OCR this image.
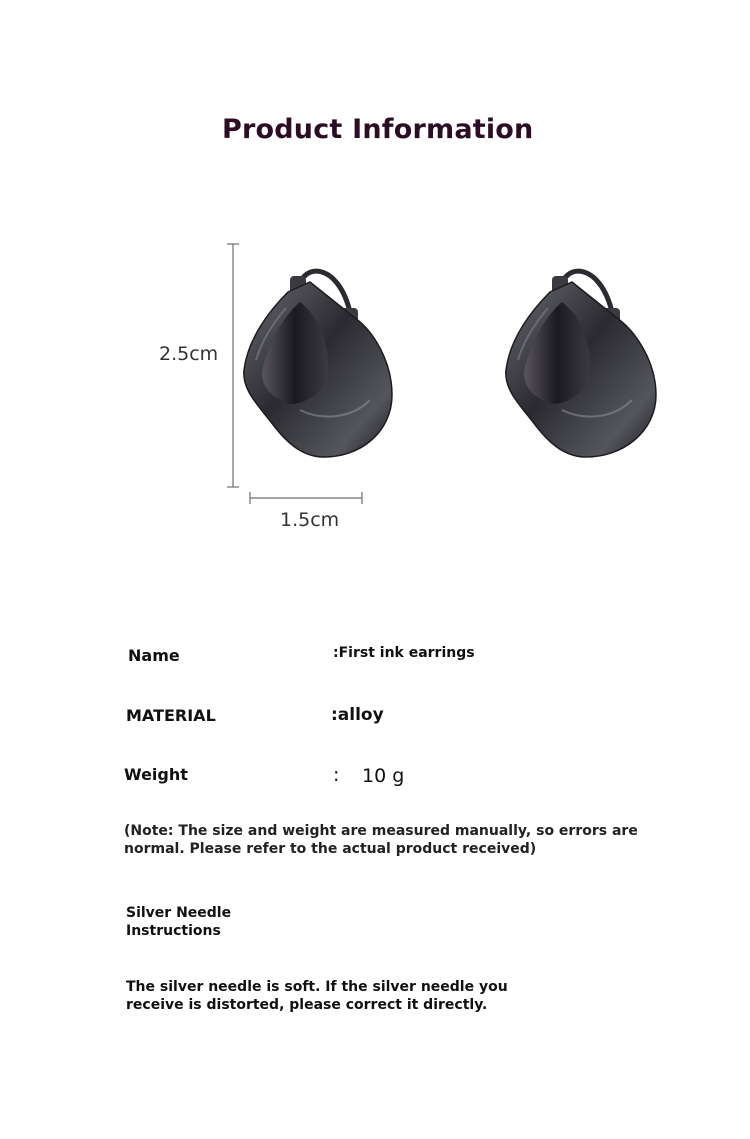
Product Information
2.5cm
1.5cm
Name	:First ink earrings
MATERIAL	:alloy
Weight	: 10 g
(Note: The size and weight are measured manually, so errors are normal. Please refer to the actual product received)
Silver Needle Instructions
The silver needle is soft. If the silver needle you receive is distorted, please correct it directly.
